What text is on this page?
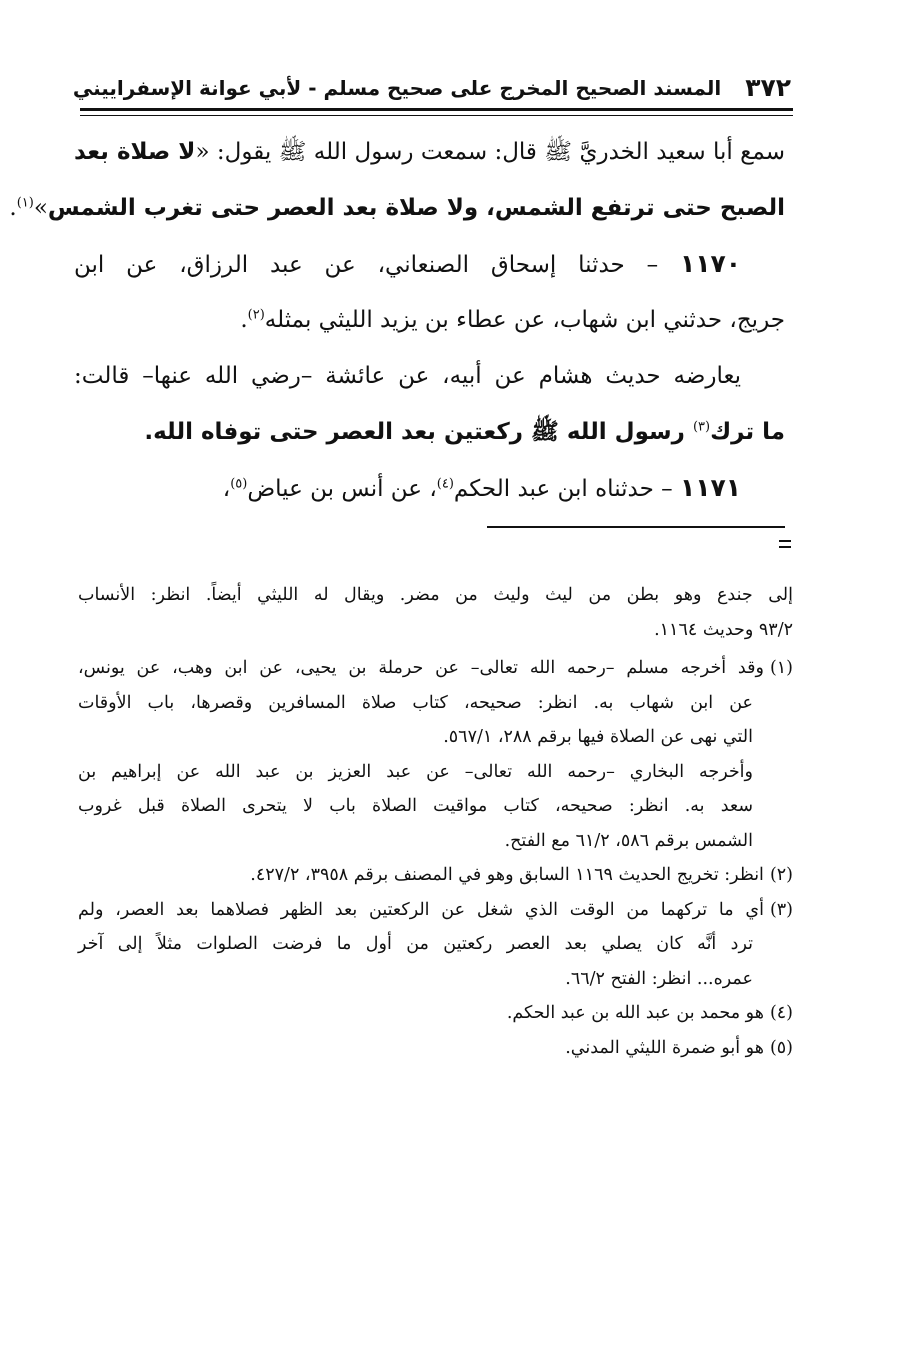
٣٧٢
المسند الصحيح المخرج على صحيح مسلم - لأبي عوانة الإسفراييني
سمع أبا سعيد الخدريَّ ﷺ قال: سمعت رسول الله ﷺ يقول: «لا صلاة بعد
الصبح حتى ترتفع الشمس، ولا صلاة بعد العصر حتى تغرب الشمس»$^{(١)}$.
١١٧٠ – حدثنا إسحاق الصنعاني، عن عبد الرزاق، عن ابن
جريج، حدثني ابن شهاب، عن عطاء بن يزيد الليثي بمثله$^{(٢)}$.
يعارضه حديث هشام عن أبيه، عن عائشة –رضي الله عنها– قالت:
ما ترك$^{(٣)}$ رسول الله ﷺ ركعتين بعد العصر حتى توفاه الله.
١١٧١ – حدثناه ابن عبد الحكم$^{(٤)}$، عن أنس بن عياض$^{(٥)}$،
إلى جندع وهو بطن من ليث وليث من مضر. ويقال له الليثي أيضاً. انظر: الأنساب
٩٣/٢ وحديث ١١٦٤.
(١)وقد أخرجه مسلم –رحمه الله تعالى– عن حرملة بن يحيى، عن ابن وهب، عن يونس،
عن ابن شهاب به. انظر: صحيحه، كتاب صلاة المسافرين وقصرها، باب الأوقات
التي نهى عن الصلاة فيها برقم ٢٨٨، ٥٦٧/١.
وأخرجه البخاري –رحمه الله تعالى– عن عبد العزيز بن عبد الله عن إبراهيم بن
سعد به. انظر: صحيحه، كتاب مواقيت الصلاة باب لا يتحرى الصلاة قبل غروب
الشمس برقم ٥٨٦، ٦١/٢ مع الفتح.
(٢)انظر: تخريج الحديث ١١٦٩ السابق وهو في المصنف برقم ٣٩٥٨، ٤٢٧/٢.
(٣)أي ما تركهما من الوقت الذي شغل عن الركعتين بعد الظهر فصلاهما بعد العصر، ولم
ترد أنَّه كان يصلي بعد العصر ركعتين من أول ما فرضت الصلوات مثلاً إلى آخر
عمره... انظر: الفتح ٦٦/٢.
(٤)هو محمد بن عبد الله بن عبد الحكم.
(٥)هو أبو ضمرة الليثي المدني.
